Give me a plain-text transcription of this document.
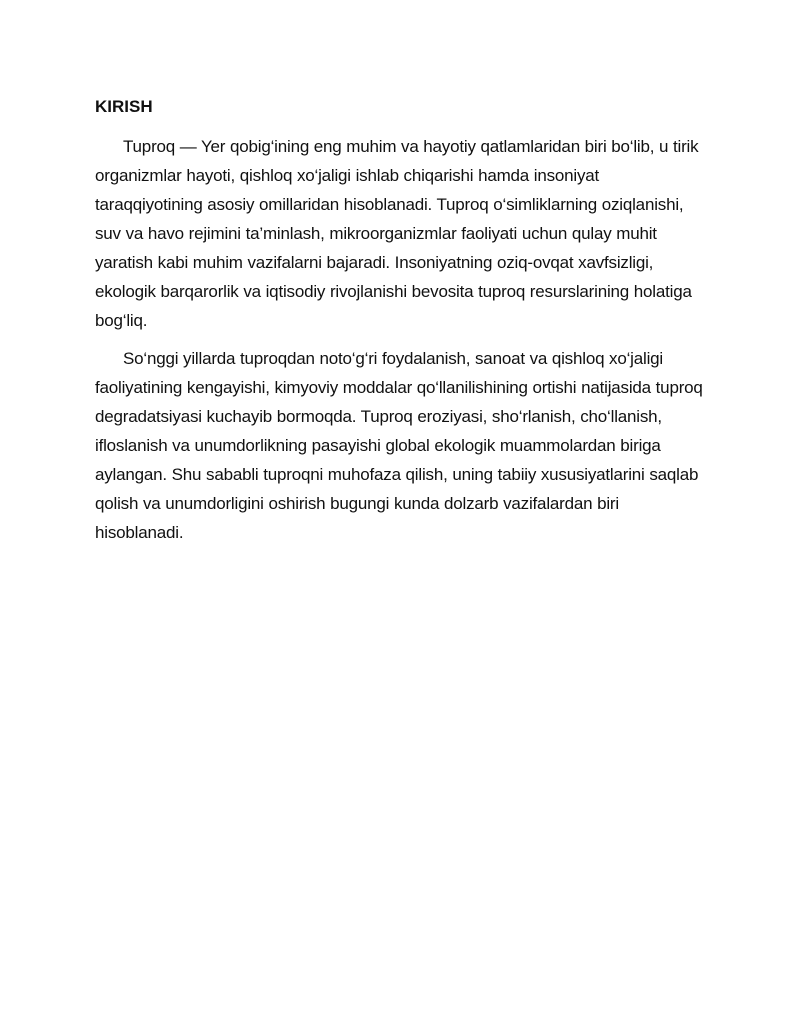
KIRISH

Tuproq — Yer qobig‘ining eng muhim va hayotiy qatlamlaridan biri bo‘lib, u tirik organizmlar hayoti, qishloq xo‘jaligi ishlab chiqarishi hamda insoniyat taraqqiyotining asosiy omillaridan hisoblanadi. Tuproq o‘simliklarning oziqlanishi, suv va havo rejimini ta’minlash, mikroorganizmlar faoliyati uchun qulay muhit yaratish kabi muhim vazifalarni bajaradi. Insoniyatning oziq-ovqat xavfsizligi, ekologik barqarorlik va iqtisodiy rivojlanishi bevosita tuproq resurslarining holatiga bog‘liq.

So‘nggi yillarda tuproqdan noto‘g‘ri foydalanish, sanoat va qishloq xo‘jaligi faoliyatining kengayishi, kimyoviy moddalar qo‘llanilishining ortishi natijasida tuproq degradatsiyasi kuchayib bormoqda. Tuproq eroziyasi, sho‘rlanish, cho‘llanish, ifloslanish va unumdorlikning pasayishi global ekologik muammolardan biriga aylangan. Shu sababli tuproqni muhofaza qilish, uning tabiiy xususiyatlarini saqlab qolish va unumdorligini oshirish bugungi kunda dolzarb vazifalardan biri hisoblanadi.
